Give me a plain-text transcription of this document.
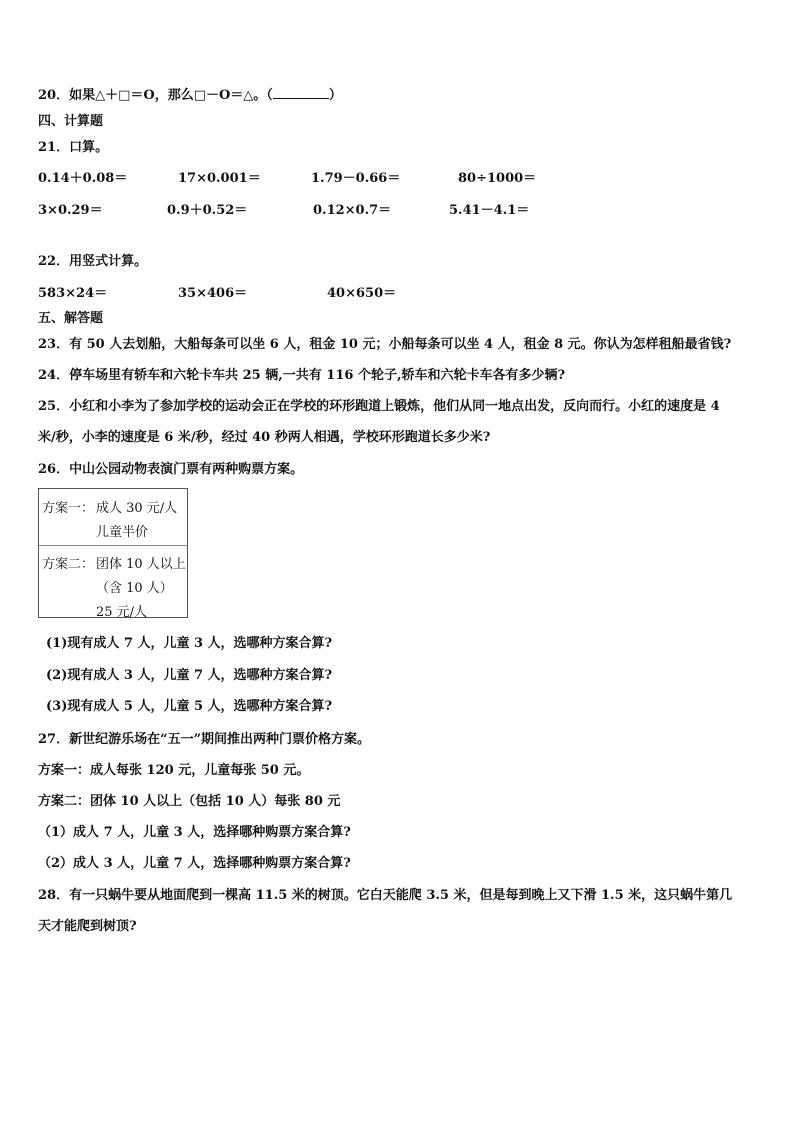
20．如果△＋□＝O，那么□－O＝△。（	）
四、计算题
21．口算。
0.14＋0.08＝	17×0.001＝	1.79－0.66＝	80÷1000＝
3×0.29＝	0.9＋0.52＝	0.12×0.7＝	5.41－4.1＝
22．用竖式计算。
583×24＝	35×406＝	40×650＝
五、解答题
23．有 50 人去划船，大船每条可以坐 6 人，租金 10 元；小船每条可以坐 4 人，租金 8 元。你认为怎样租船最省钱?
24．停车场里有轿车和六轮卡车共 25 辆,一共有 116 个轮子,轿车和六轮卡车各有多少辆?
25．小红和小李为了参加学校的运动会正在学校的环形跑道上锻炼，他们从同一地点出发，反向而行。小红的速度是 4
米/秒，小李的速度是 6 米/秒，经过 40 秒两人相遇，学校环形跑道长多少米?
26．中山公园动物表演门票有两种购票方案。
方案一： 成人 30 元/人
儿童半价
方案二： 团体 10 人以上
（含 10 人）
25 元/人
(1)现有成人 7 人，儿童 3 人，选哪种方案合算?
(2)现有成人 3 人，儿童 7 人，选哪种方案合算?
(3)现有成人 5 人，儿童 5 人，选哪种方案合算?
27．新世纪游乐场在“五一”期间推出两种门票价格方案。
方案一：成人每张 120 元，儿童每张 50 元。
方案二：团体 10 人以上（包括 10 人）每张 80 元
（1）成人 7 人，儿童 3 人，选择哪种购票方案合算?
（2）成人 3 人，儿童 7 人，选择哪种购票方案合算?
28．有一只蜗牛要从地面爬到一棵高 11.5 米的树顶。它白天能爬 3.5 米，但是每到晚上又下滑 1.5 米，这只蜗牛第几
天才能爬到树顶?
